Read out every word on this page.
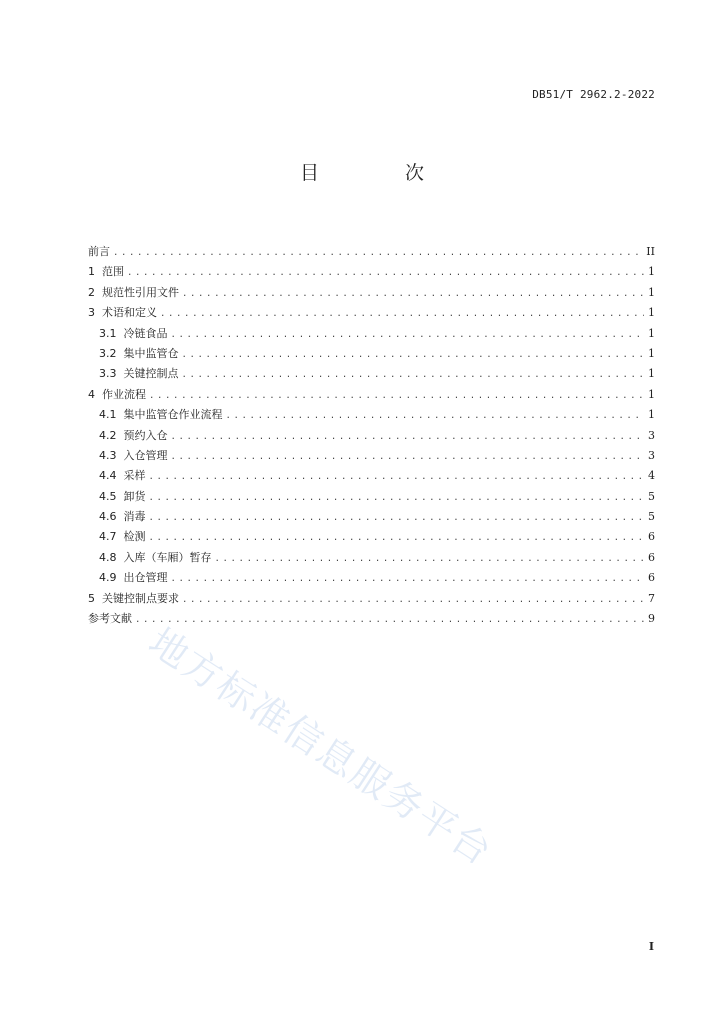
DB51/T 2962.2-2022
目 次
前言 .....	II
1 范围 .....	1
2 规范性引用文件 .....	1
3 术语和定义 .....	1
3.1 冷链食品 .....	1
3.2 集中监管仓 .....	1
3.3 关键控制点 .....	1
4 作业流程 .....	1
4.1 集中监管仓作业流程 .....	1
4.2 预约入仓 .....	3
4.3 入仓管理 .....	3
4.4 采样 .....	4
4.5 卸货 .....	5
4.6 消毒 .....	5
4.7 检测 .....	6
4.8 入库（车厢）暂存 .....	6
4.9 出仓管理 .....	6
5 关键控制点要求 .....	7
参考文献 .....	9
I
地方标准信息服务平台
